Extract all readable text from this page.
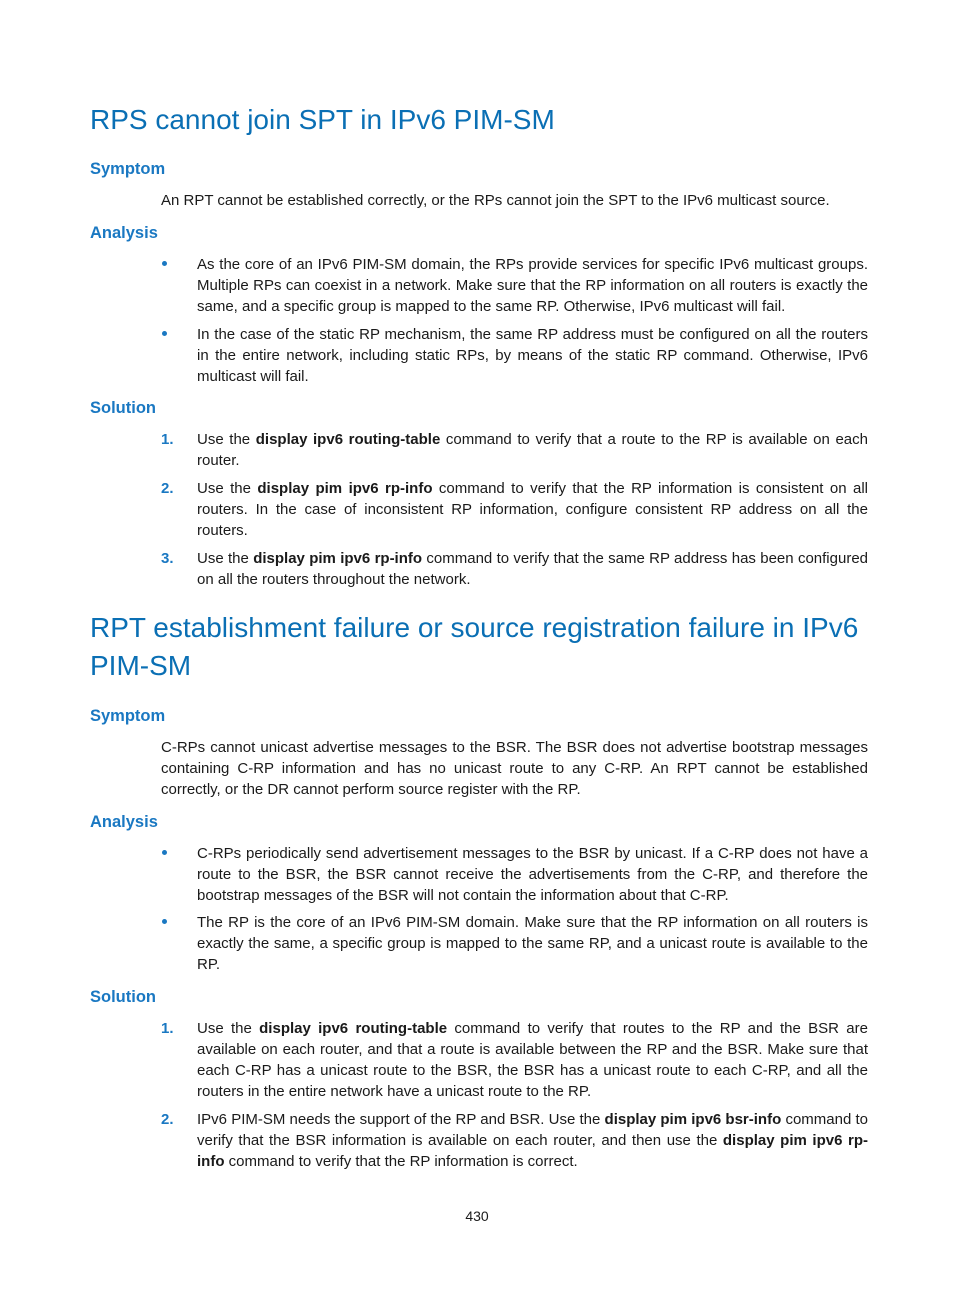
RPS cannot join SPT in IPv6 PIM-SM
Symptom

An RPT cannot be established correctly, or the RPs cannot join the SPT to the IPv6 multicast source.

Analysis
As the core of an IPv6 PIM-SM domain, the RPs provide services for specific IPv6 multicast groups. Multiple RPs can coexist in a network. Make sure that the RP information on all routers is exactly the same, and a specific group is mapped to the same RP. Otherwise, IPv6 multicast will fail.
In the case of the static RP mechanism, the same RP address must be configured on all the routers in the entire network, including static RPs, by means of the static RP command. Otherwise, IPv6 multicast will fail.
Solution
1. Use the display ipv6 routing-table command to verify that a route to the RP is available on each router.
2. Use the display pim ipv6 rp-info command to verify that the RP information is consistent on all routers. In the case of inconsistent RP information, configure consistent RP address on all the routers.
3. Use the display pim ipv6 rp-info command to verify that the same RP address has been configured on all the routers throughout the network.
RPT establishment failure or source registration failure in IPv6 PIM-SM
Symptom

C-RPs cannot unicast advertise messages to the BSR. The BSR does not advertise bootstrap messages containing C-RP information and has no unicast route to any C-RP. An RPT cannot be established correctly, or the DR cannot perform source register with the RP.

Analysis
C-RPs periodically send advertisement messages to the BSR by unicast. If a C-RP does not have a route to the BSR, the BSR cannot receive the advertisements from the C-RP, and therefore the bootstrap messages of the BSR will not contain the information about that C-RP.
The RP is the core of an IPv6 PIM-SM domain. Make sure that the RP information on all routers is exactly the same, a specific group is mapped to the same RP, and a unicast route is available to the RP.
Solution
1. Use the display ipv6 routing-table command to verify that routes to the RP and the BSR are available on each router, and that a route is available between the RP and the BSR. Make sure that each C-RP has a unicast route to the BSR, the BSR has a unicast route to each C-RP, and all the routers in the entire network have a unicast route to the RP.
2. IPv6 PIM-SM needs the support of the RP and BSR. Use the display pim ipv6 bsr-info command to verify that the BSR information is available on each router, and then use the display pim ipv6 rp-info command to verify that the RP information is correct.
430
